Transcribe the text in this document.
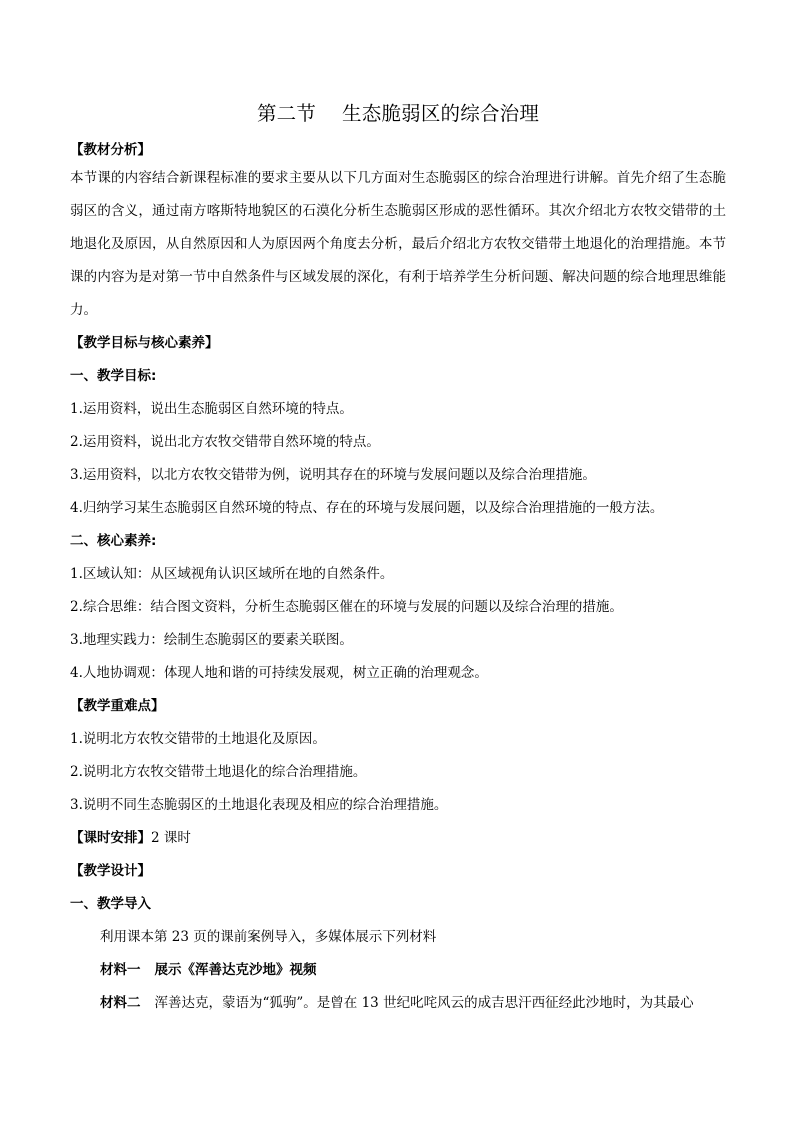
第二节 生态脆弱区的综合治理
【教材分析】
本节课的内容结合新课程标准的要求主要从以下几方面对生态脆弱区的综合治理进行讲解。首先介绍了生态脆弱区的含义，通过南方喀斯特地貌区的石漠化分析生态脆弱区形成的恶性循环。其次介绍北方农牧交错带的土地退化及原因，从自然原因和人为原因两个角度去分析，最后介绍北方农牧交错带土地退化的治理措施。本节课的内容为是对第一节中自然条件与区域发展的深化，有利于培养学生分析问题、解决问题的综合地理思维能力。
【教学目标与核心素养】
一、教学目标:
1.运用资料，说出生态脆弱区自然环境的特点。
2.运用资料，说出北方农牧交错带自然环境的特点。
3.运用资料，以北方农牧交错带为例，说明其存在的环境与发展问题以及综合治理措施。
4.归纳学习某生态脆弱区自然环境的特点、存在的环境与发展问题，以及综合治理措施的一般方法。
二、核心素养:
1.区域认知：从区域视角认识区域所在地的自然条件。
2.综合思维：结合图文资料，分析生态脆弱区催在的环境与发展的问题以及综合治理的措施。
3.地理实践力：绘制生态脆弱区的要素关联图。
4.人地协调观：体现人地和谐的可持续发展观，树立正确的治理观念。
【教学重难点】
1.说明北方农牧交错带的土地退化及原因。
2.说明北方农牧交错带土地退化的综合治理措施。
3.说明不同生态脆弱区的土地退化表现及相应的综合治理措施。
【课时安排】2 课时
【教学设计】
一、教学导入
利用课本第 23 页的课前案例导入，多媒体展示下列材料
材料一 展示《浑善达克沙地》视频
材料二 浑善达克，蒙语为“狐驹”。是曾在 13 世纪叱咤风云的成吉思汗西征经此沙地时，为其最心
